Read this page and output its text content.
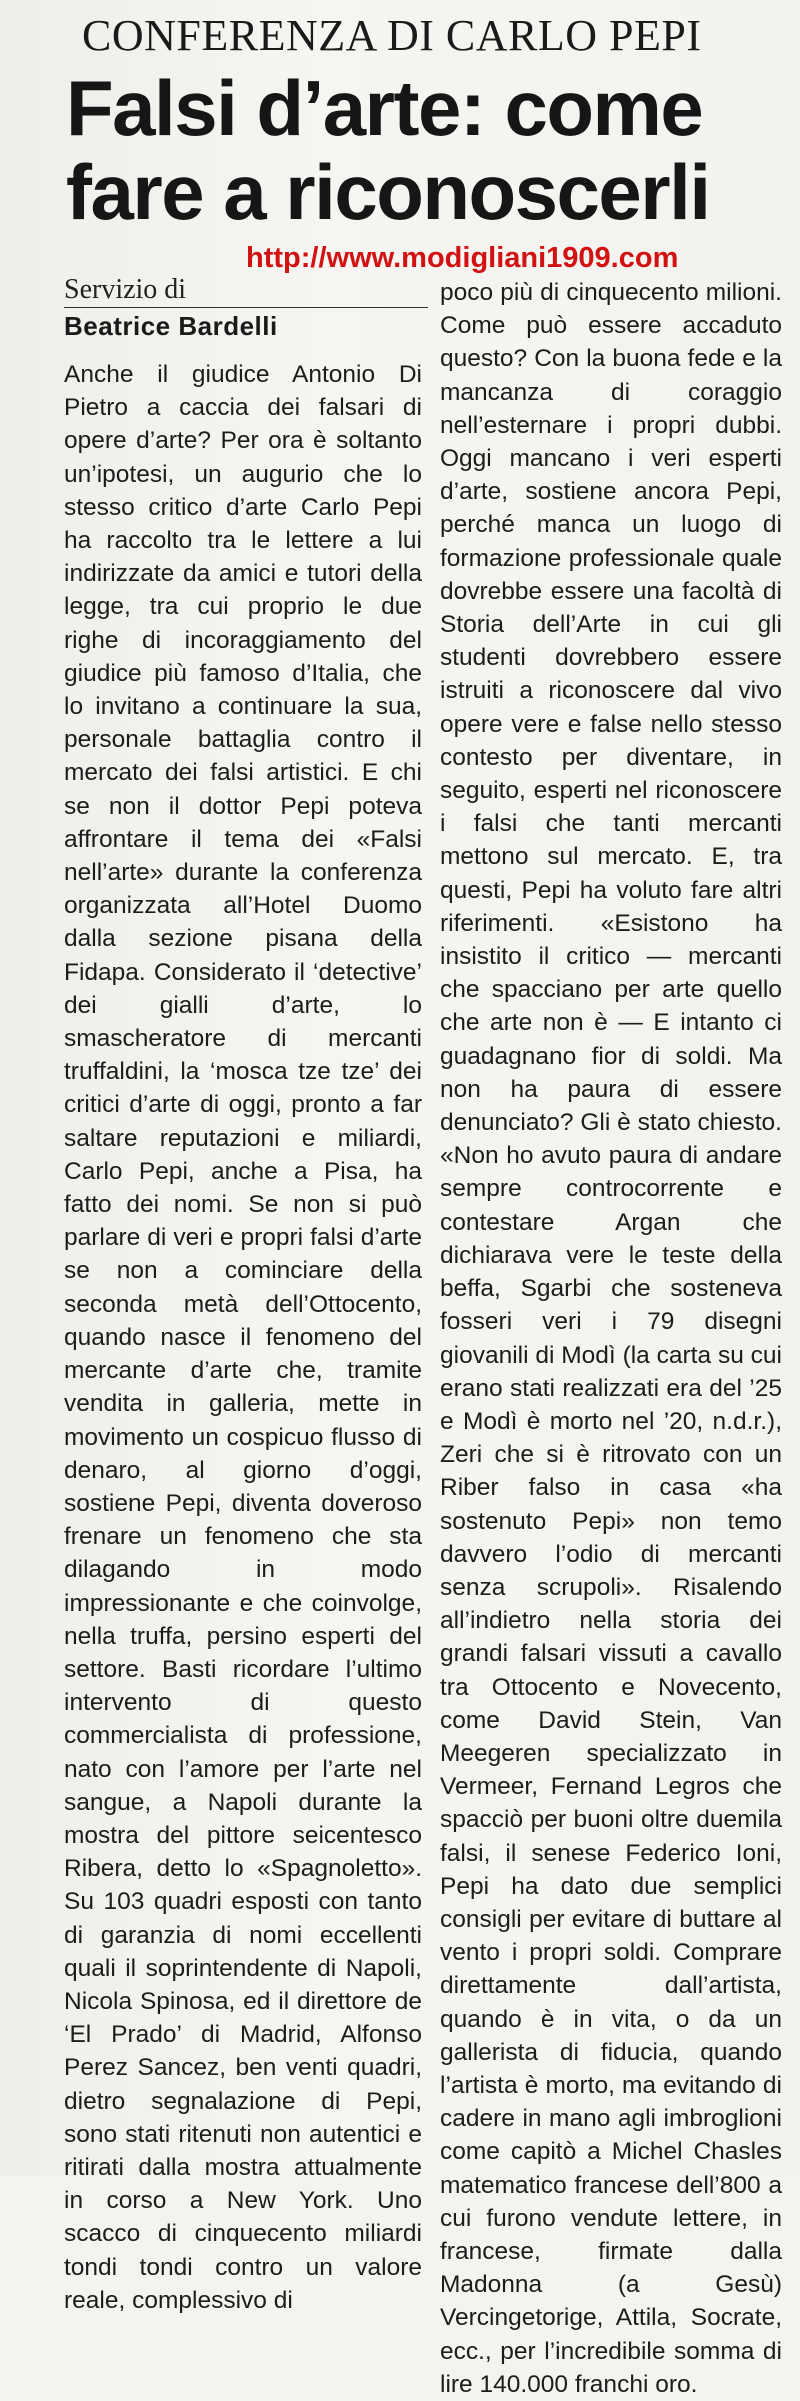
CONFERENZA DI CARLO PEPI
Falsi d’arte: come fare a riconoscerli
http://www.modigliani1909.com
Servizio di
Beatrice Bardelli

Anche il giudice Antonio Di Pietro a caccia dei falsari di opere d’arte? Per ora è soltanto un’ipotesi, un augurio che lo stesso critico d’arte Carlo Pepi ha raccolto tra le lettere a lui indirizzate da amici e tutori della legge, tra cui proprio le due righe di incoraggiamento del giudice più famoso d’Italia, che lo invitano a continuare la sua, personale battaglia contro il mercato dei falsi artistici. E chi se non il dottor Pepi poteva affrontare il tema dei «Falsi nell’arte» durante la conferenza organizzata all’Hotel Duomo dalla sezione pisana della Fidapa. Considerato il ‘detective’ dei gialli d’arte, lo smascheratore di mercanti truffaldini, la ‘mosca tze tze’ dei critici d’arte di oggi, pronto a far saltare reputazioni e miliardi, Carlo Pepi, anche a Pisa, ha fatto dei nomi. Se non si può parlare di veri e propri falsi d’arte se non a cominciare della seconda metà dell’Ottocento, quando nasce il fenomeno del mercante d’arte che, tramite vendita in galleria, mette in movimento un cospicuo flusso di denaro, al giorno d’oggi, sostiene Pepi, diventa doveroso frenare un fenomeno che sta dilagando in modo impressionante e che coinvolge, nella truffa, persino esperti del settore. Basti ricordare l’ultimo intervento di questo commercialista di professione, nato con l’amore per l’arte nel sangue, a Napoli durante la mostra del pittore seicentesco Ribera, detto lo «Spagnoletto». Su 103 quadri esposti con tanto di garanzia di nomi eccellenti quali il soprintendente di Napoli, Nicola Spinosa, ed il direttore de ‘El Prado’ di Madrid, Alfonso Perez Sancez, ben venti quadri, dietro segnalazione di Pepi, sono stati ritenuti non autentici e ritirati dalla mostra attualmente in corso a New York. Uno scacco di cinquecento miliardi tondi tondi contro un valore reale, complessivo di

poco più di cinquecento milioni. Come può essere accaduto questo? Con la buona fede e la mancanza di coraggio nell’esternare i propri dubbi. Oggi mancano i veri esperti d’arte, sostiene ancora Pepi, perché manca un luogo di formazione professionale quale dovrebbe essere una facoltà di Storia dell’Arte in cui gli studenti dovrebbero essere istruiti a riconoscere dal vivo opere vere e false nello stesso contesto per diventare, in seguito, esperti nel riconoscere i falsi che tanti mercanti mettono sul mercato. E, tra questi, Pepi ha voluto fare altri riferimenti. «Esistono ha insistito il critico — mercanti che spacciano per arte quello che arte non è — E intanto ci guadagnano fior di soldi. Ma non ha paura di essere denunciato? Gli è stato chiesto. «Non ho avuto paura di andare sempre controcorrente e contestare Argan che dichiarava vere le teste della beffa, Sgarbi che sosteneva fosseri veri i 79 disegni giovanili di Modì (la carta su cui erano stati realizzati era del ’25 e Modì è morto nel ’20, n.d.r.), Zeri che si è ritrovato con un Riber falso in casa «ha sostenuto Pepi» non temo davvero l’odio di mercanti senza scrupoli». Risalendo all’indietro nella storia dei grandi falsari vissuti a cavallo tra Ottocento e Novecento, come David Stein, Van Meegeren specializzato in Vermeer, Fernand Legros che spacciò per buoni oltre duemila falsi, il senese Federico Ioni, Pepi ha dato due semplici consigli per evitare di buttare al vento i propri soldi. Comprare direttamente dall’artista, quando è in vita, o da un gallerista di fiducia, quando l’artista è morto, ma evitando di cadere in mano agli imbroglioni come capitò a Michel Chasles matematico francese dell’800 a cui furono vendute lettere, in francese, firmate dalla Madonna (a Gesù) Vercingetorige, Attila, Socrate, ecc., per l’incredibile somma di lire 140.000 franchi oro.
